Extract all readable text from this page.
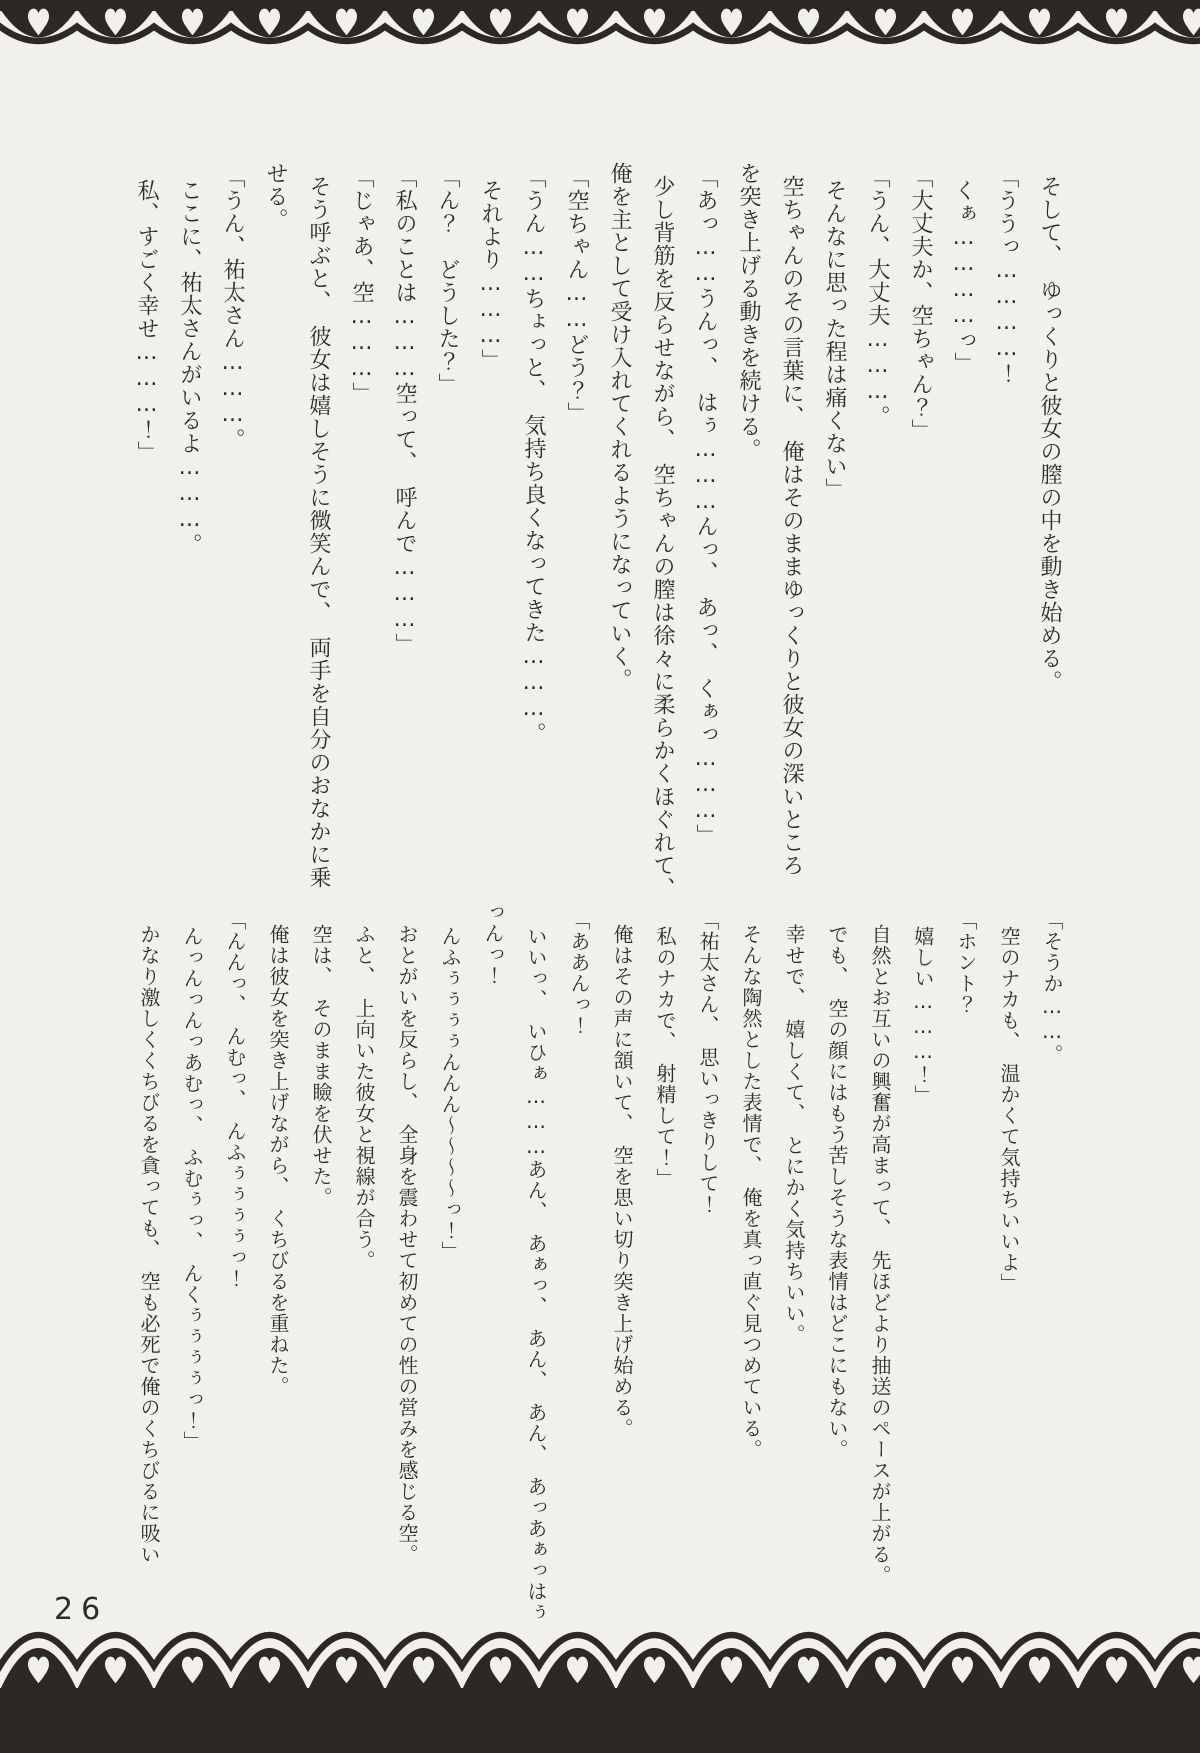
そして、　ゆっくりと彼女の膣の中を動き始める。

「ううっ…………！

くぁ…………っ」

「大丈夫か、空ちゃん？」

「うん、大丈夫………。

そんなに思った程は痛くない」

空ちゃんのその言葉に、　俺はそのままゆっくりと彼女の深いところ

を突き上げる動きを続ける。

「あっ……うんっ、　はぅ………んっ、　あっ、　くぁっ………」

少し背筋を反らせながら、　空ちゃんの膣は徐々に柔らかくほぐれて、

俺を主として受け入れてくれるようになっていく。

「空ちゃん……どう？」

「うん……ちょっと、　気持ち良くなってきた………。

それより………」

「ん？　どうした？」

「私のことは………空って、　呼んで………」

「じゃあ、空………」

そう呼ぶと、　彼女は嬉しそうに微笑んで、　両手を自分のおなかに乗

せる。

「うん、祐太さん………。

ここに、祐太さんがいるよ………。

私、すごく幸せ………！」

「そうか……。

空のナカも、　温かくて気持ちいいよ」

「ホント？

嬉しい………！」

自然とお互いの興奮が高まって、　先ほどより抽送のペースが上がる。

でも、　空の顔にはもう苦しそうな表情はどこにもない。

幸せで、　嬉しくて、　とにかく気持ちいい。

そんな陶然とした表情で、　俺を真っ直ぐ見つめている。

「祐太さん、　思いっきりして！

私のナカで、　射精して！」

俺はその声に頷いて、　空を思い切り突き上げ始める。

「ああんっ！

いいっ、　いひぁ………あん、　あぁっ、　あん、　あん、　あっあぁっはぅ

っんっ！

んふぅぅぅぅんんん〜〜〜〜っ！」

おとがいを反らし、　全身を震わせて初めての性の営みを感じる空。

ふと、　上向いた彼女と視線が合う。

空は、　そのまま瞼を伏せた。

俺は彼女を突き上げながら、　くちびるを重ねた。

「んんっ、　んむっ、　んふぅぅぅぅっ！

んっんっんっあむっ、　ふむぅっ、　んくぅぅぅぅっ！」

かなり激しくくちびるを貪っても、　空も必死で俺のくちびるに吸い

26
